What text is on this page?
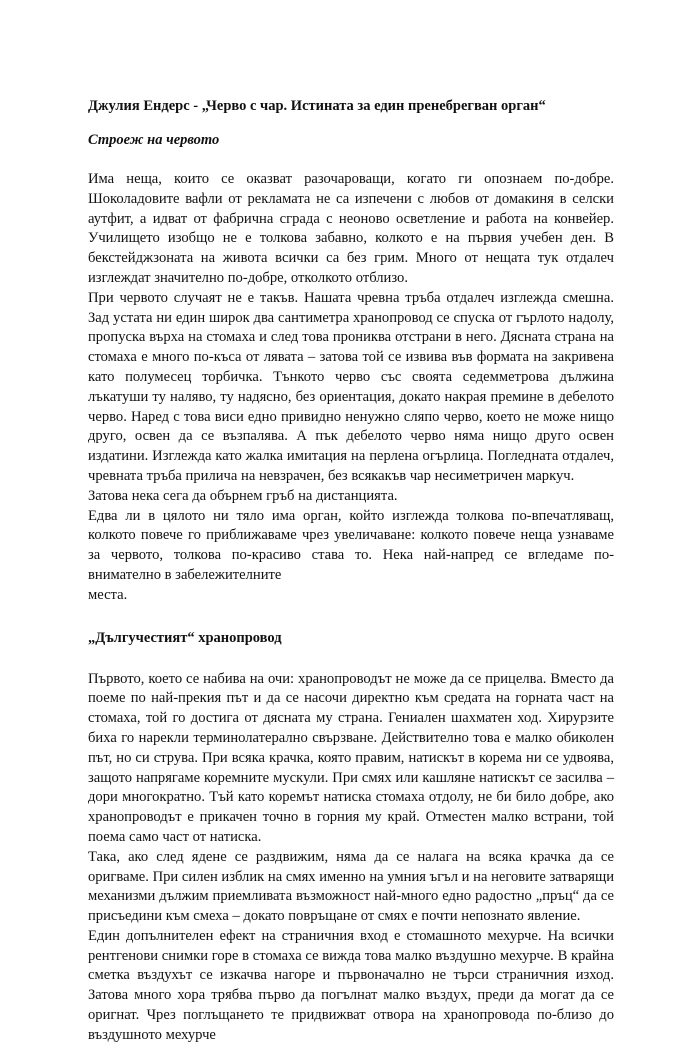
Джулия Ендерс - „Черво с чар. Истината за един пренебрегван орган“
Строеж на червото

Има неща, които се оказват разочароващи, когато ги опознаем по-добре. Шоколадовите вафли от рекламата не са изпечени с любов от домакиня в селски аутфит, а идват от фабрична сграда с неоново осветление и работа на конвейер. Училището изобщо не е толкова забавно, колкото е на първия учебен ден. В бекстейджзоната на живота всички са без грим. Много от нещата тук отдалеч изглеждат значително по-добре, отколкото отблизо.

При червото случаят не е такъв. Нашата чревна тръба отдалеч изглежда смешна. Зад устата ни един широк два сантиметра хранопровод се спуска от гърлото надолу, пропуска върха на стомаха и след това прониква отстрани в него. Дясната страна на стомаха е много по-къса от лявата – затова той се извива във формата на закривена като полумесец торбичка. Тънкото черво със своята седемметрова дължина лъкатуши ту наляво, ту надясно, без ориентация, докато накрая премине в дебелото черво. Наред с това виси едно привидно ненужно сляпо черво, което не може нищо друго, освен да се възпалява. А пък дебелото черво няма нищо друго освен издатини. Изглежда като жалка имитация на перлена огърлица. Погледната отдалеч, чревната тръба прилича на невзрачен, без всякакъв чар несиметричен маркуч.

Затова нека сега да обърнем гръб на дистанцията.

Едва ли в цялото ни тяло има орган, който изглежда толкова по-впечатляващ, колкото повече го приближаваме чрез увеличаване: колкото повече неща узнаваме за червото, толкова по-красиво става то. Нека най-напред се вгледаме по-внимателно в забележителните

места.

„Дългучестият“ хранопровод

Първото, което се набива на очи: хранопроводът не може да се прицелва. Вместо да поеме по най-прекия път и да се насочи директно към средата на горната част на стомаха, той го достига от дясната му страна. Гениален шахматен ход. Хирурзите биха го нарекли терминолатерално свързване. Действително това е малко обиколен път, но си струва. При всяка крачка, която правим, натискът в корема ни се удвоява, защото напрягаме коремните мускули. При смях или кашляне натискът се засилва – дори многократно. Тъй като коремът натиска стомаха отдолу, не би било добре, ако хранопроводът е прикачен точно в горния му край. Отместен малко встрани, той поема само част от натиска.

Така, ако след ядене се раздвижим, няма да се налага на всяка крачка да се оригваме. При силен изблик на смях именно на умния ъгъл и на неговите затварящи механизми дължим приемливата възможност най-много едно радостно „пръц“ да се присъедини към смеха – докато повръщане от смях е почти непознато явление.

Един допълнителен ефект на страничния вход е стомашното мехурче. На всички рентгенови снимки горе в стомаха се вижда това малко въздушно мехурче. В крайна сметка въздухът се изкачва нагоре и първоначално не търси страничния изход. Затова много хора трябва първо да погълнат малко въздух, преди да могат да се оригнат. Чрез поглъщането те придвижват отвора на хранопровода по-близо до въздушното мехурче
